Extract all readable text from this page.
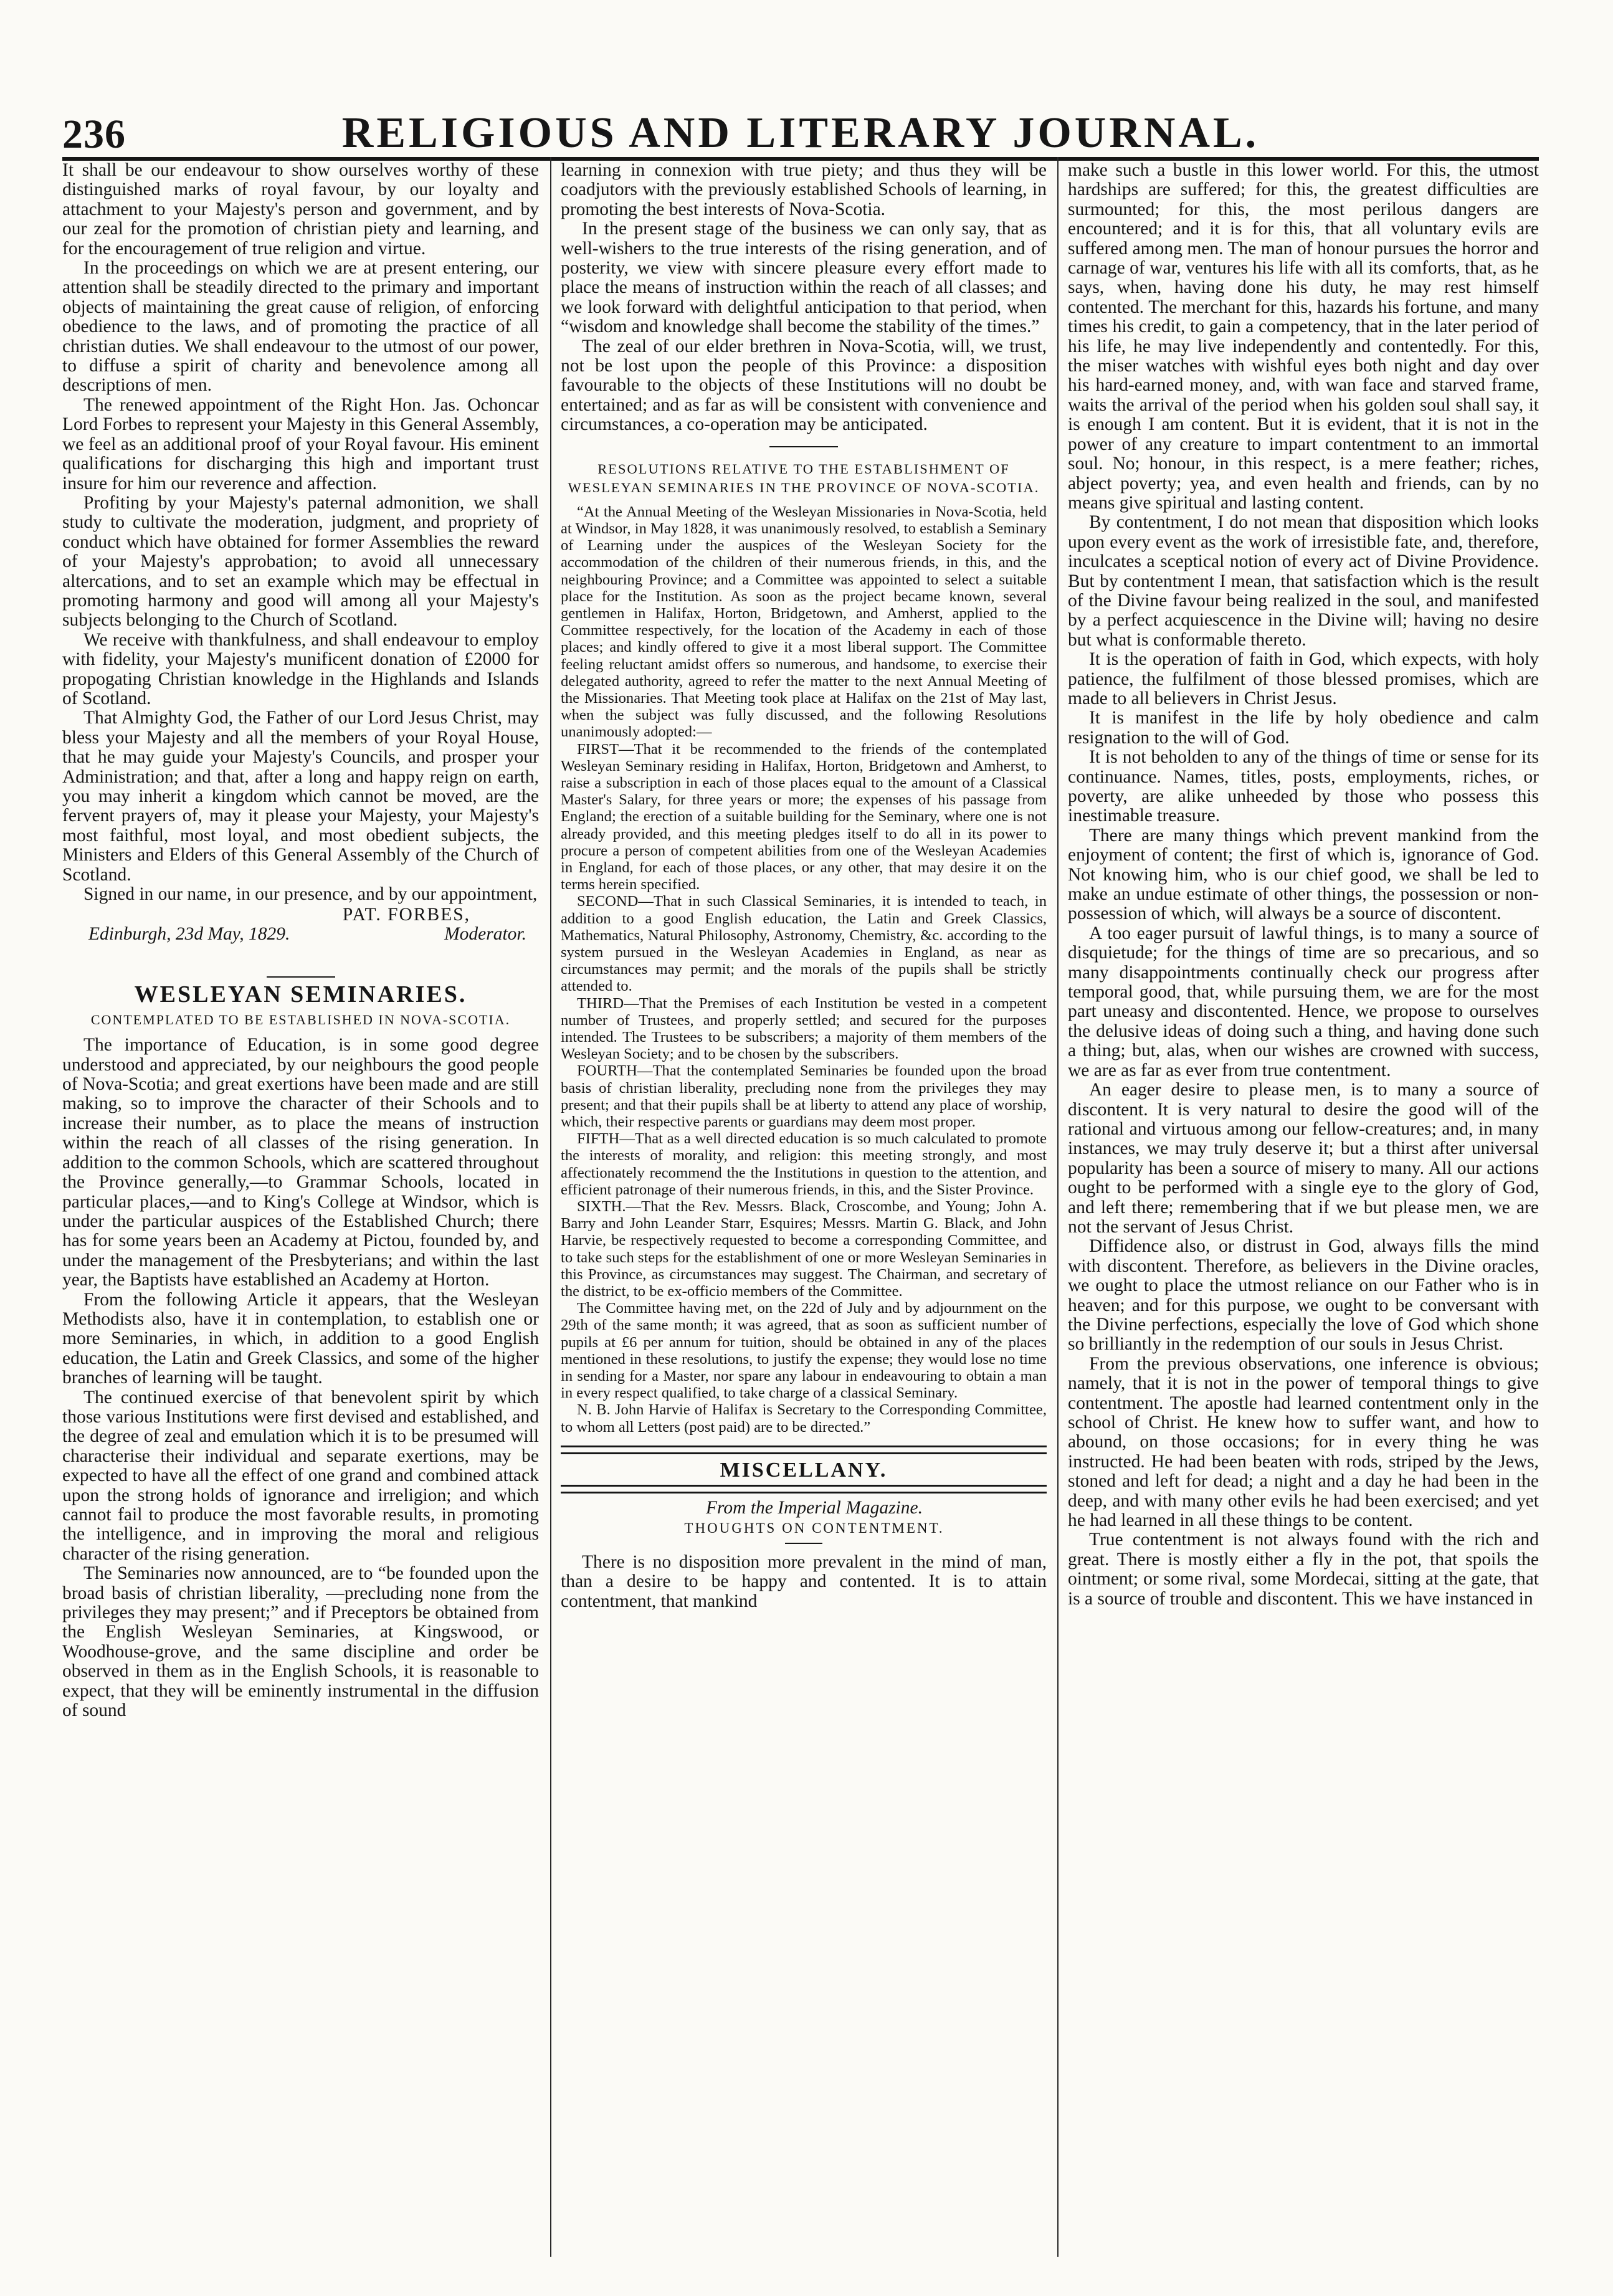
236	RELIGIOUS AND LITERARY JOURNAL.

It shall be our endeavour to show ourselves worthy of these distinguished marks of royal favour, by our loyalty and attachment to your Majesty's person and government, and by our zeal for the promotion of christian piety and learning, and for the encouragement of true religion and virtue.

In the proceedings on which we are at present entering, our attention shall be steadily directed to the primary and important objects of maintaining the great cause of religion, of enforcing obedience to the laws, and of promoting the practice of all christian duties. We shall endeavour to the utmost of our power, to diffuse a spirit of charity and benevolence among all descriptions of men.

The renewed appointment of the Right Hon. Jas. Ochoncar Lord Forbes to represent your Majesty in this General Assembly, we feel as an additional proof of your Royal favour. His eminent qualifications for discharging this high and important trust insure for him our reverence and affection.

Profiting by your Majesty's paternal admonition, we shall study to cultivate the moderation, judgment, and propriety of conduct which have obtained for former Assemblies the reward of your Majesty's approbation; to avoid all unnecessary altercations, and to set an example which may be effectual in promoting harmony and good will among all your Majesty's subjects belonging to the Church of Scotland.

We receive with thankfulness, and shall endeavour to employ with fidelity, your Majesty's munificent donation of £2000 for propogating Christian knowledge in the Highlands and Islands of Scotland.

That Almighty God, the Father of our Lord Jesus Christ, may bless your Majesty and all the members of your Royal House, that he may guide your Majesty's Councils, and prosper your Administration; and that, after a long and happy reign on earth, you may inherit a kingdom which cannot be moved, are the fervent prayers of, may it please your Majesty, your Majesty's most faithful, most loyal, and most obedient subjects, the Ministers and Elders of this General Assembly of the Church of Scotland.

Signed in our name, in our presence, and by our appointment,

PAT. FORBES,
Edinburgh, 23d May, 1829.	Moderator.
WESLEYAN SEMINARIES.
CONTEMPLATED TO BE ESTABLISHED IN NOVA-SCOTIA.

The importance of Education, is in some good degree understood and appreciated, by our neighbours the good people of Nova-Scotia; and great exertions have been made and are still making, so to improve the character of their Schools and to increase their number, as to place the means of instruction within the reach of all classes of the rising generation. In addition to the common Schools, which are scattered throughout the Province generally,—to Grammar Schools, located in particular places,—and to King's College at Windsor, which is under the particular auspices of the Established Church; there has for some years been an Academy at Pictou, founded by, and under the management of the Presbyterians; and within the last year, the Baptists have established an Academy at Horton.

From the following Article it appears, that the Wesleyan Methodists also, have it in contemplation, to establish one or more Seminaries, in which, in addition to a good English education, the Latin and Greek Classics, and some of the higher branches of learning will be taught.

The continued exercise of that benevolent spirit by which those various Institutions were first devised and established, and the degree of zeal and emulation which it is to be presumed will characterise their individual and separate exertions, may be expected to have all the effect of one grand and combined attack upon the strong holds of ignorance and irreligion; and which cannot fail to produce the most favorable results, in promoting the intelligence, and in improving the moral and religious character of the rising generation.

The Seminaries now announced, are to “be founded upon the broad basis of christian liberality, —precluding none from the privileges they may present;” and if Preceptors be obtained from the English Wesleyan Seminaries, at Kingswood, or Woodhouse-grove, and the same discipline and order be observed in them as in the English Schools, it is reasonable to expect, that they will be eminently instrumental in the diffusion of sound

learning in connexion with true piety; and thus they will be coadjutors with the previously established Schools of learning, in promoting the best interests of Nova-Scotia.

In the present stage of the business we can only say, that as well-wishers to the true interests of the rising generation, and of posterity, we view with sincere pleasure every effort made to place the means of instruction within the reach of all classes; and we look forward with delightful anticipation to that period, when “wisdom and knowledge shall become the stability of the times.”

The zeal of our elder brethren in Nova-Scotia, will, we trust, not be lost upon the people of this Province: a disposition favourable to the objects of these Institutions will no doubt be entertained; and as far as will be consistent with convenience and circumstances, a co-operation may be anticipated.

RESOLUTIONS RELATIVE TO THE ESTABLISHMENT OF WESLEYAN SEMINARIES IN THE PROVINCE OF NOVA-SCOTIA.

“At the Annual Meeting of the Wesleyan Missionaries in Nova-Scotia, held at Windsor, in May 1828, it was unanimously resolved, to establish a Seminary of Learning under the auspices of the Wesleyan Society for the accommodation of the children of their numerous friends, in this, and the neighbouring Province; and a Committee was appointed to select a suitable place for the Institution. As soon as the project became known, several gentlemen in Halifax, Horton, Bridgetown, and Amherst, applied to the Committee respectively, for the location of the Academy in each of those places; and kindly offered to give it a most liberal support. The Committee feeling reluctant amidst offers so numerous, and handsome, to exercise their delegated authority, agreed to refer the matter to the next Annual Meeting of the Missionaries. That Meeting took place at Halifax on the 21st of May last, when the subject was fully discussed, and the following Resolutions unanimously adopted:—

FIRST—That it be recommended to the friends of the contemplated Wesleyan Seminary residing in Halifax, Horton, Bridgetown and Amherst, to raise a subscription in each of those places equal to the amount of a Classical Master's Salary, for three years or more; the expenses of his passage from England; the erection of a suitable building for the Seminary, where one is not already provided, and this meeting pledges itself to do all in its power to procure a person of competent abilities from one of the Wesleyan Academies in England, for each of those places, or any other, that may desire it on the terms herein specified.

SECOND—That in such Classical Seminaries, it is intended to teach, in addition to a good English education, the Latin and Greek Classics, Mathematics, Natural Philosophy, Astronomy, Chemistry, &c. according to the system pursued in the Wesleyan Academies in England, as near as circumstances may permit; and the morals of the pupils shall be strictly attended to.

THIRD—That the Premises of each Institution be vested in a competent number of Trustees, and properly settled; and secured for the purposes intended. The Trustees to be subscribers; a majority of them members of the Wesleyan Society; and to be chosen by the subscribers.

FOURTH—That the contemplated Seminaries be founded upon the broad basis of christian liberality, precluding none from the privileges they may present; and that their pupils shall be at liberty to attend any place of worship, which, their respective parents or guardians may deem most proper.

FIFTH—That as a well directed education is so much calculated to promote the interests of morality, and religion: this meeting strongly, and most affectionately recommend the the Institutions in question to the attention, and efficient patronage of their numerous friends, in this, and the Sister Province.

SIXTH.—That the Rev. Messrs. Black, Croscombe, and Young; John A. Barry and John Leander Starr, Esquires; Messrs. Martin G. Black, and John Harvie, be respectively requested to become a corresponding Committee, and to take such steps for the establishment of one or more Wesleyan Seminaries in this Province, as circumstances may suggest. The Chairman, and secretary of the district, to be ex-officio members of the Committee.

The Committee having met, on the 22d of July and by adjournment on the 29th of the same month; it was agreed, that as soon as sufficient number of pupils at £6 per annum for tuition, should be obtained in any of the places mentioned in these resolutions, to justify the expense; they would lose no time in sending for a Master, nor spare any labour in endeavouring to obtain a man in every respect qualified, to take charge of a classical Seminary.

N. B. John Harvie of Halifax is Secretary to the Corresponding Committee, to whom all Letters (post paid) are to be directed.”

MISCELLANY.

From the Imperial Magazine.

THOUGHTS ON CONTENTMENT.

There is no disposition more prevalent in the mind of man, than a desire to be happy and contented. It is to attain contentment, that mankind

make such a bustle in this lower world. For this, the utmost hardships are suffered; for this, the greatest difficulties are surmounted; for this, the most perilous dangers are encountered; and it is for this, that all voluntary evils are suffered among men. The man of honour pursues the horror and carnage of war, ventures his life with all its comforts, that, as he says, when, having done his duty, he may rest himself contented. The merchant for this, hazards his fortune, and many times his credit, to gain a competency, that in the later period of his life, he may live independently and contentedly. For this, the miser watches with wishful eyes both night and day over his hard-earned money, and, with wan face and starved frame, waits the arrival of the period when his golden soul shall say, it is enough I am content. But it is evident, that it is not in the power of any creature to impart contentment to an immortal soul. No; honour, in this respect, is a mere feather; riches, abject poverty; yea, and even health and friends, can by no means give spiritual and lasting content.

By contentment, I do not mean that disposition which looks upon every event as the work of irresistible fate, and, therefore, inculcates a sceptical notion of every act of Divine Providence. But by contentment I mean, that satisfaction which is the result of the Divine favour being realized in the soul, and manifested by a perfect acquiescence in the Divine will; having no desire but what is conformable thereto.

It is the operation of faith in God, which expects, with holy patience, the fulfilment of those blessed promises, which are made to all believers in Christ Jesus.

It is manifest in the life by holy obedience and calm resignation to the will of God.

It is not beholden to any of the things of time or sense for its continuance. Names, titles, posts, employments, riches, or poverty, are alike unheeded by those who possess this inestimable treasure.

There are many things which prevent mankind from the enjoyment of content; the first of which is, ignorance of God. Not knowing him, who is our chief good, we shall be led to make an undue estimate of other things, the possession or non-possession of which, will always be a source of discontent.

A too eager pursuit of lawful things, is to many a source of disquietude; for the things of time are so precarious, and so many disappointments continually check our progress after temporal good, that, while pursuing them, we are for the most part uneasy and discontented. Hence, we propose to ourselves the delusive ideas of doing such a thing, and having done such a thing; but, alas, when our wishes are crowned with success, we are as far as ever from true contentment.

An eager desire to please men, is to many a source of discontent. It is very natural to desire the good will of the rational and virtuous among our fellow-creatures; and, in many instances, we may truly deserve it; but a thirst after universal popularity has been a source of misery to many. All our actions ought to be performed with a single eye to the glory of God, and left there; remembering that if we but please men, we are not the servant of Jesus Christ.

Diffidence also, or distrust in God, always fills the mind with discontent. Therefore, as believers in the Divine oracles, we ought to place the utmost reliance on our Father who is in heaven; and for this purpose, we ought to be conversant with the Divine perfections, especially the love of God which shone so brilliantly in the redemption of our souls in Jesus Christ.

From the previous observations, one inference is obvious; namely, that it is not in the power of temporal things to give contentment. The apostle had learned contentment only in the school of Christ. He knew how to suffer want, and how to abound, on those occasions; for in every thing he was instructed. He had been beaten with rods, striped by the Jews, stoned and left for dead; a night and a day he had been in the deep, and with many other evils he had been exercised; and yet he had learned in all these things to be content.

True contentment is not always found with the rich and great. There is mostly either a fly in the pot, that spoils the ointment; or some rival, some Mordecai, sitting at the gate, that is a source of trouble and discontent. This we have instanced in
